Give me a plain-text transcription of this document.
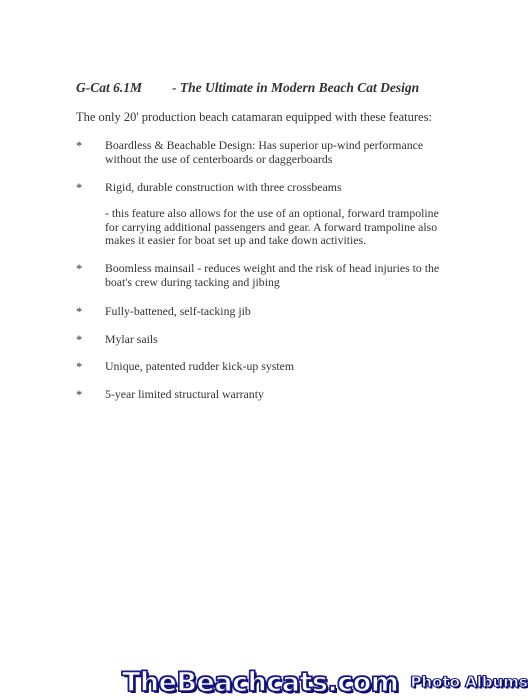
G-Cat 6.1M - The Ultimate in Modern Beach Cat Design
The only 20' production beach catamaran equipped with these features:
* Boardless & Beachable Design: Has superior up-wind performance without the use of centerboards or daggerboards
* Rigid, durable construction with three crossbeams
- this feature also allows for the use of an optional, forward trampoline for carrying additional passengers and gear. A forward trampoline also makes it easier for boat set up and take down activities.
* Boomless mainsail - reduces weight and the risk of head injuries to the boat's crew during tacking and jibing
* Fully-battened, self-tacking jib
* Mylar sails
* Unique, patented rudder kick-up system
* 5-year limited structural warranty
TheBeachcats.com Photo Albums
